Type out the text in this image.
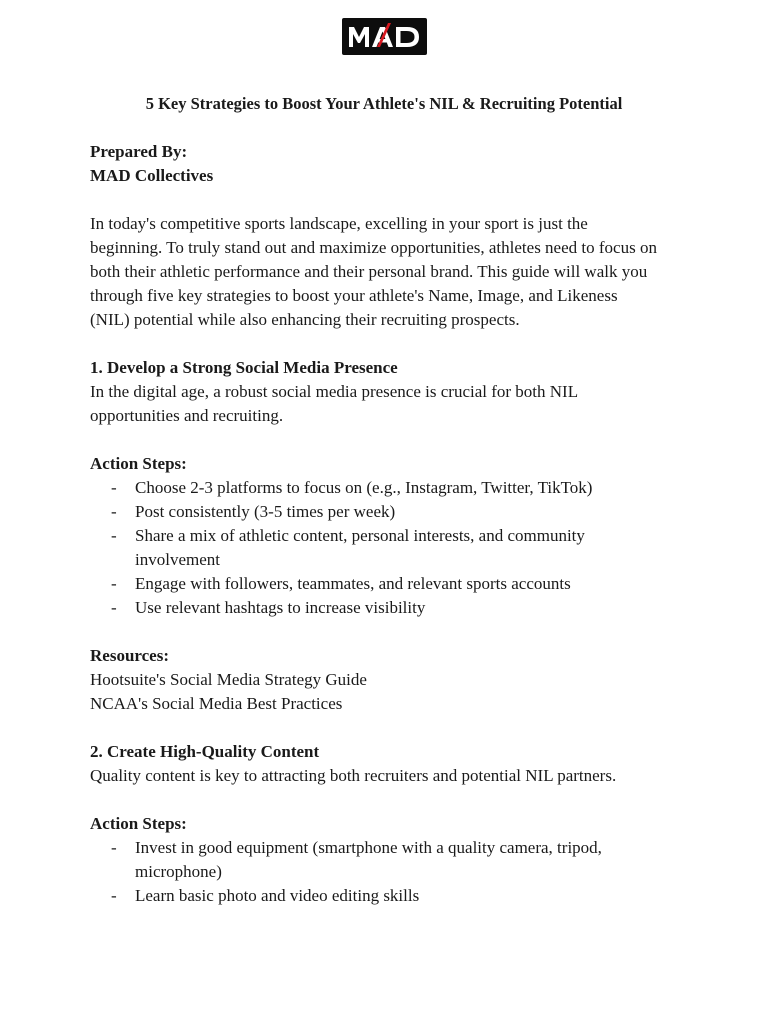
5 Key Strategies to Boost Your Athlete's NIL & Recruiting Potential
Prepared By:
MAD Collectives
In today's competitive sports landscape, excelling in your sport is just the
beginning. To truly stand out and maximize opportunities, athletes need to focus on
both their athletic performance and their personal brand. This guide will walk you
through five key strategies to boost your athlete's Name, Image, and Likeness
(NIL) potential while also enhancing their recruiting prospects.
1. Develop a Strong Social Media Presence
In the digital age, a robust social media presence is crucial for both NIL
opportunities and recruiting.
Action Steps:
- Choose 2-3 platforms to focus on (e.g., Instagram, Twitter, TikTok)
- Post consistently (3-5 times per week)
- Share a mix of athletic content, personal interests, and community
involvement
- Engage with followers, teammates, and relevant sports accounts
- Use relevant hashtags to increase visibility
Resources:
Hootsuite's Social Media Strategy Guide
NCAA's Social Media Best Practices
2. Create High-Quality Content
Quality content is key to attracting both recruiters and potential NIL partners.
Action Steps:
- Invest in good equipment (smartphone with a quality camera, tripod,
microphone)
- Learn basic photo and video editing skills
